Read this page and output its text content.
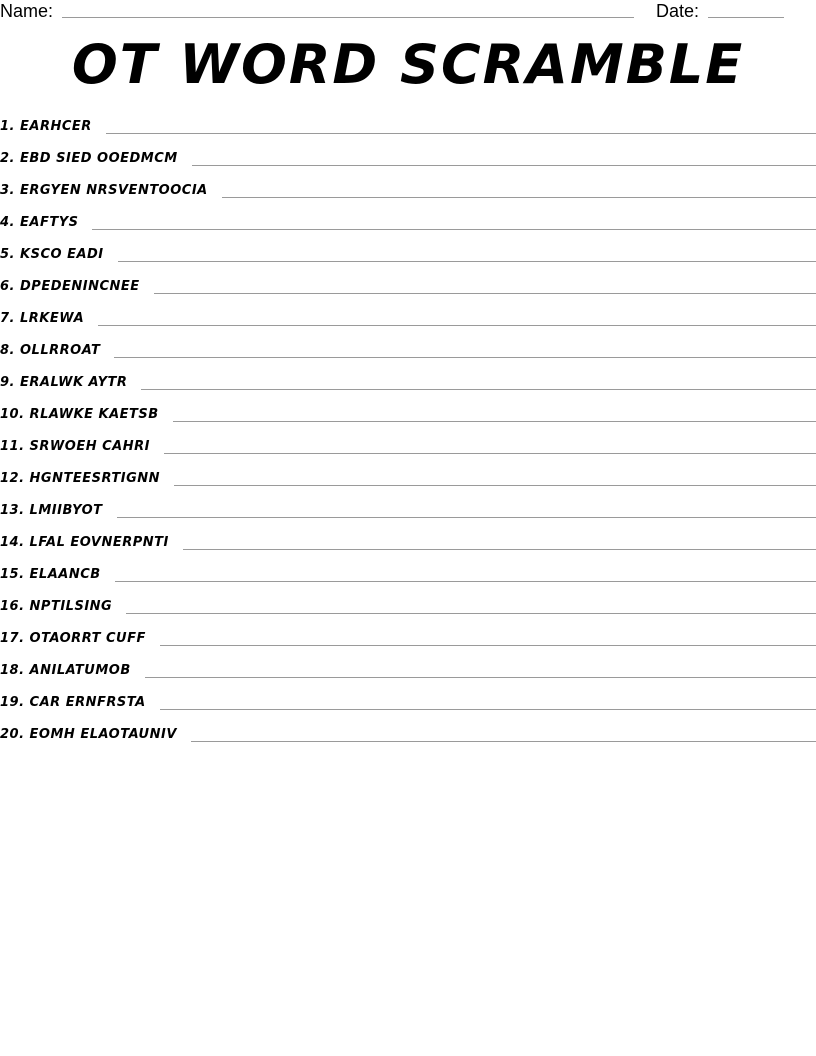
Name:	Date:
OT WORD SCRAMBLE
1. EARHCER
2. EBD SIED OOEDMCM
3. ERGYEN NRSVENTOOCIA
4. EAFTYS
5. KSCO EADI
6. DPEDENINCNEE
7. LRKEWA
8. OLLRROAT
9. ERALWK AYTR
10. RLAWKE KAETSB
11. SRWOEH CAHRI
12. HGNTEESRTIGNN
13. LMIIBYOT
14. LFAL EOVNERPNTI
15. ELAANCB
16. NPTILSING
17. OTAORRT CUFF
18. ANILATUMOB
19. CAR ERNFRSTA
20. EOMH ELAOTAUNIV
